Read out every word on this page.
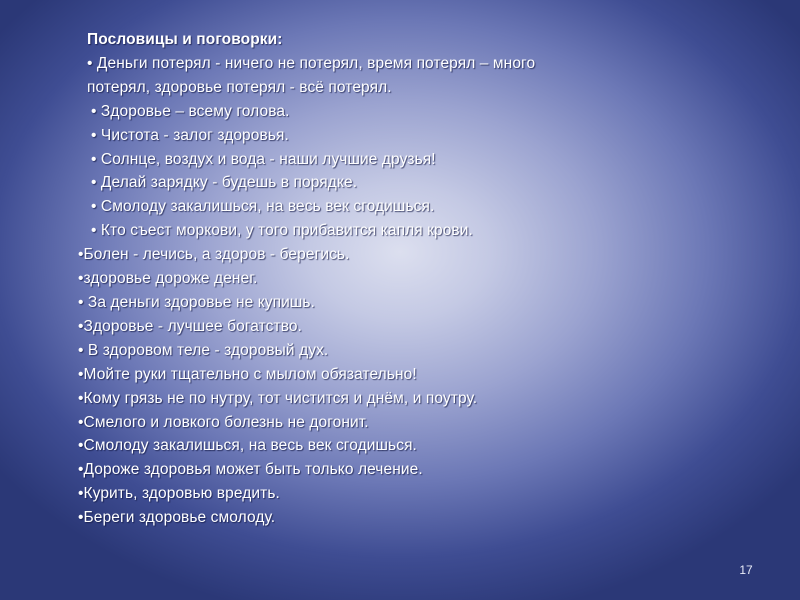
Пословицы и поговорки:

• Деньги потерял - ничего не потерял, время потерял – много

потерял, здоровье потерял - всё потерял.

• Здоровье – всему голова.

• Чистота - залог здоровья.

• Солнце, воздух и вода - наши лучшие друзья!

• Делай зарядку - будешь в порядке.

• Смолоду закалишься, на весь век сгодишься.

• Кто съест моркови, у того прибавится капля крови.

•Болен - лечись, а здоров - берегись.

•здоровье дороже денег.

• За деньги здоровье не купишь.

•Здоровье - лучшее богатство.

• В здоровом теле - здоровый дух.

•Мойте руки тщательно с мылом обязательно!

•Кому грязь не по нутру, тот чистится и днём, и поутру.

•Смелого и ловкого болезнь не догонит.

•Смолоду закалишься, на весь век сгодишься.

•Дороже здоровья может быть только лечение.

•Курить, здоровью вредить.

•Береги здоровье смолоду.

17
